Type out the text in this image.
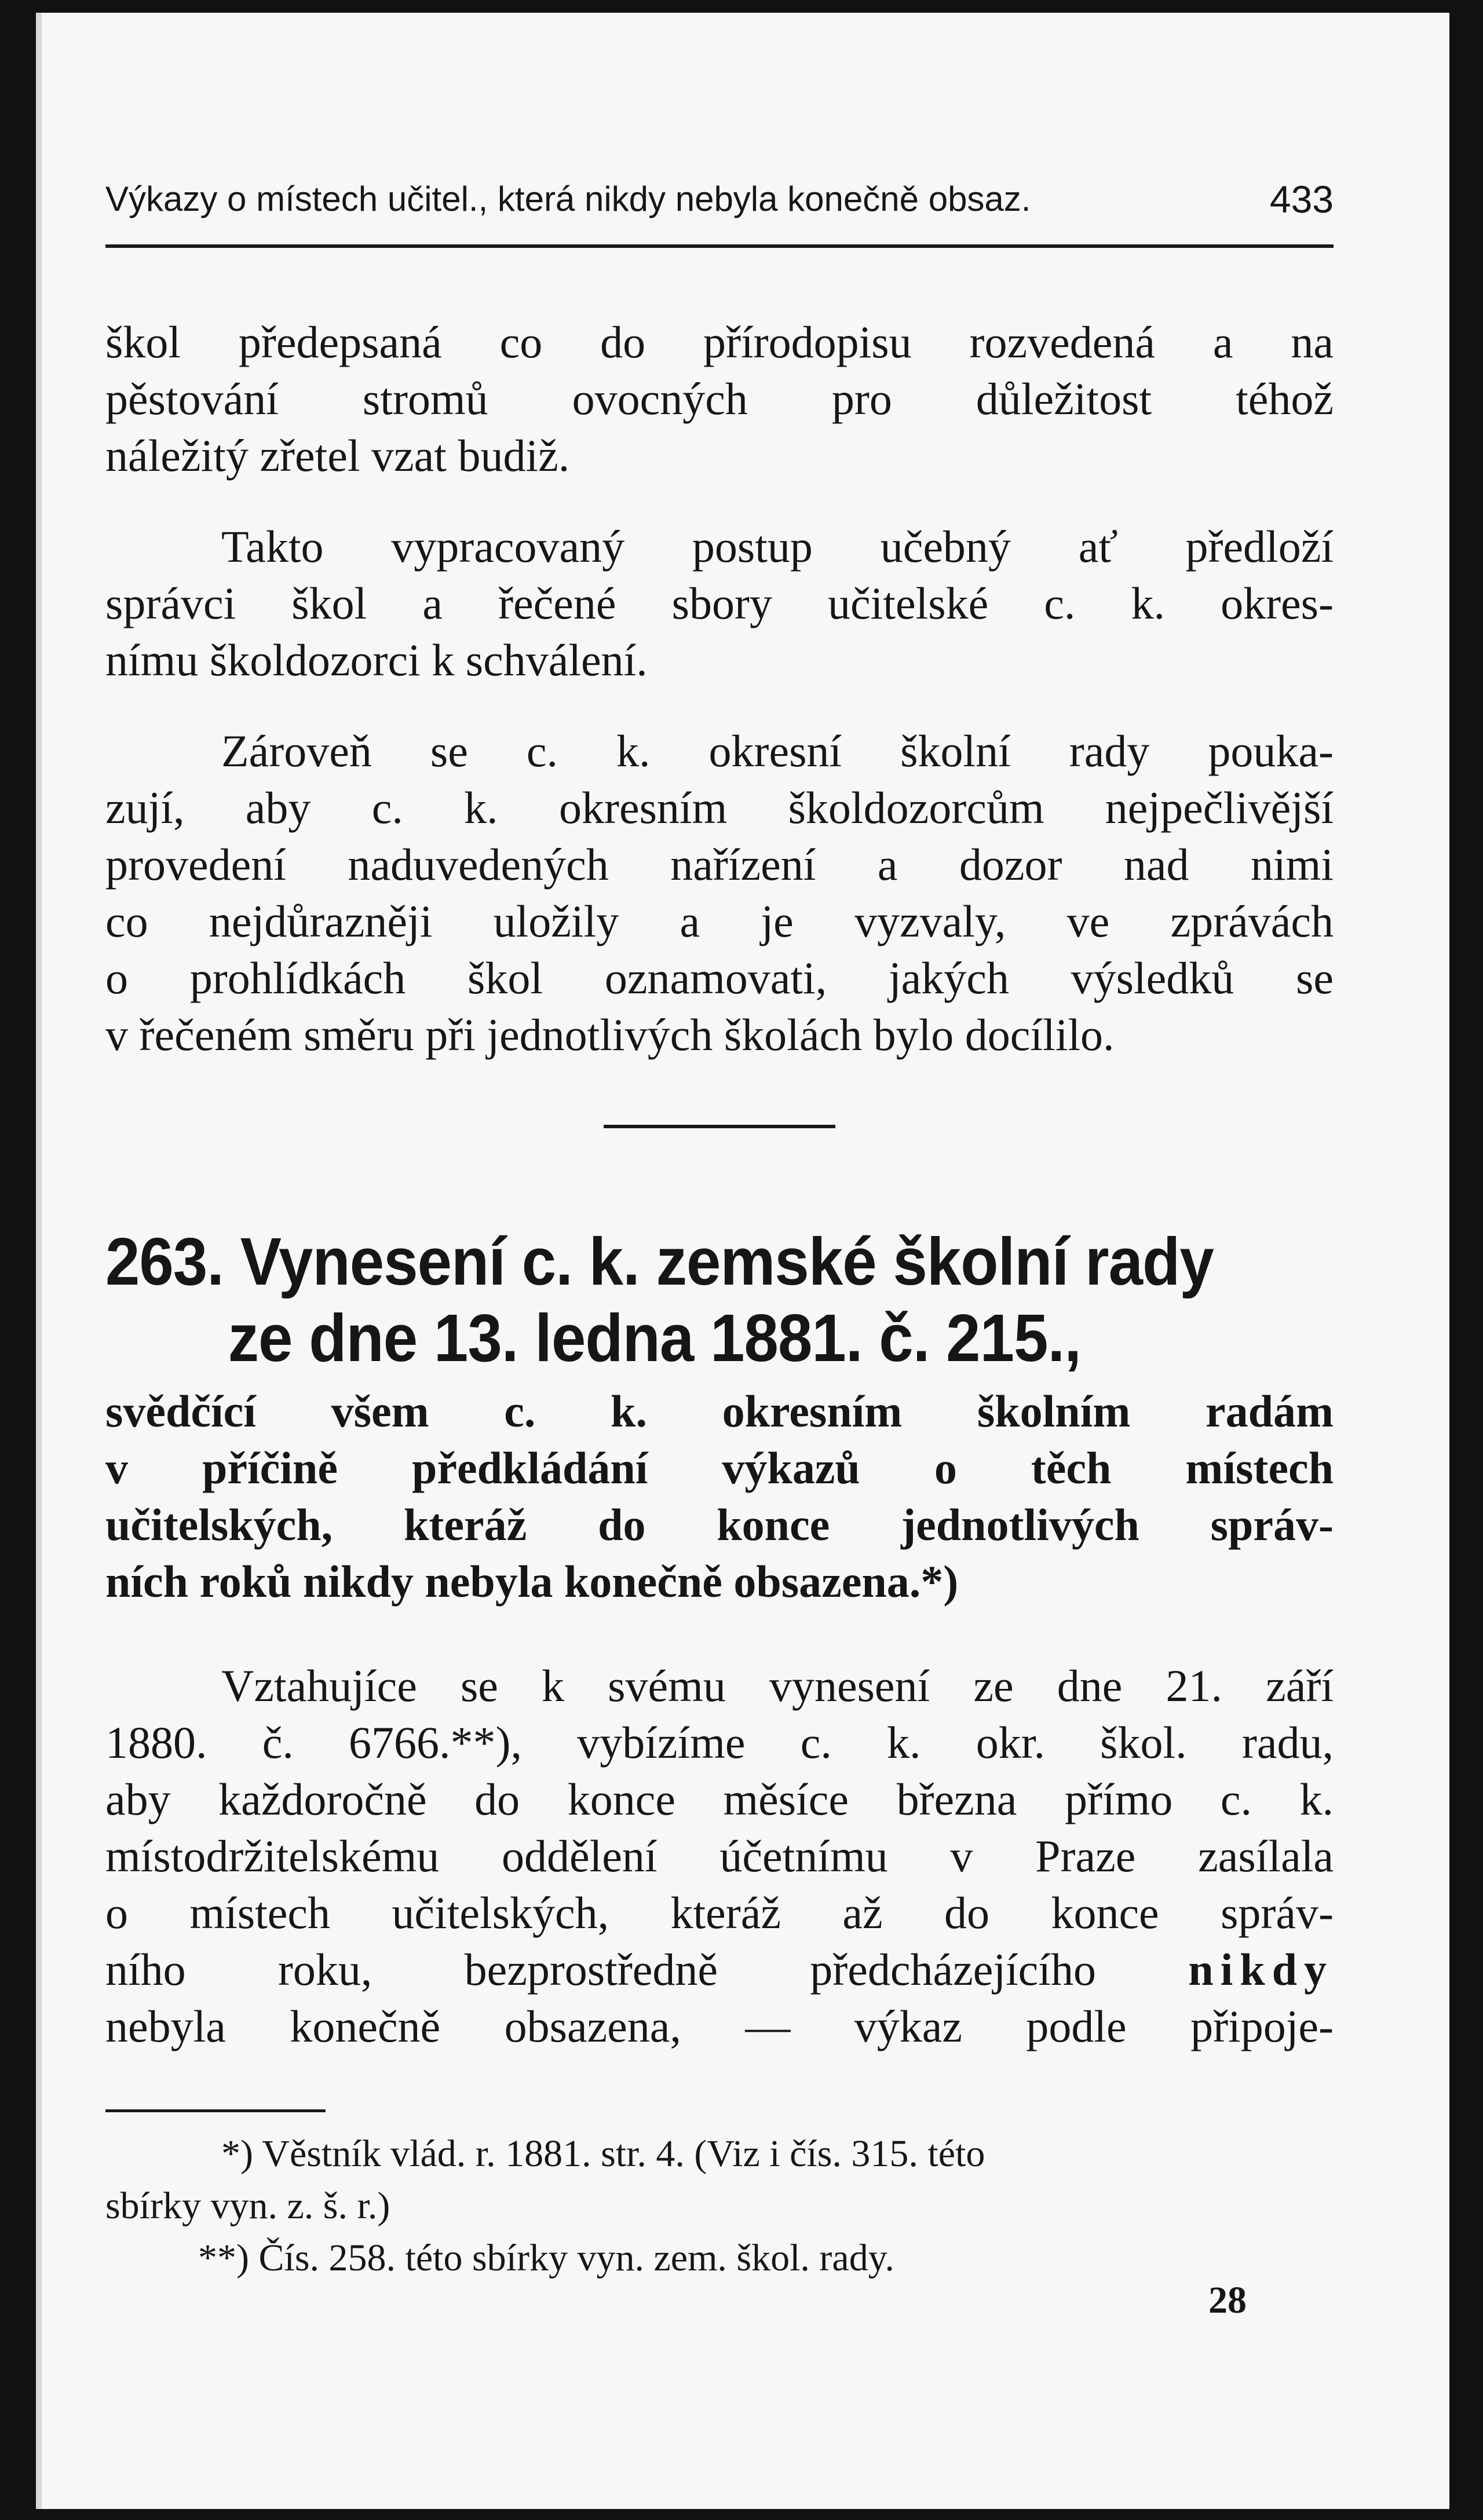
Výkazy o místech učitel., která nikdy nebyla konečně obsaz.	433
škol předepsaná co do přírodopisu rozvedená a na
pěstování stromů ovocných pro důležitost téhož
náležitý zřetel vzat budiž.
Takto vypracovaný postup učebný ať předloží
správci škol a řečené sbory učitelské c. k. okres-
nímu školdozorci k schválení.
Zároveň se c. k. okresní školní rady pouka-
zují, aby c. k. okresním školdozorcům nejpečlivější
provedení naduvedených nařízení a dozor nad nimi
co nejdůrazněji uložily a je vyzvaly, ve zprávách
o prohlídkách škol oznamovati, jakých výsledků se
v řečeném směru při jednotlivých školách bylo docílilo.
263. Vynesení c. k. zemské školní rady
ze dne 13. ledna 1881. č. 215.,
svědčící všem c. k. okresním školním radám
v příčině předkládání výkazů o těch místech
učitelských, kteráž do konce jednotlivých správ-
ních roků nikdy nebyla konečně obsazena.*)
Vztahujíce se k svému vynesení ze dne 21. září
1880. č. 6766.**), vybízíme c. k. okr. škol. radu,
aby každoročně do konce měsíce března přímo c. k.
místodržitelskému oddělení účetnímu v Praze zasílala
o místech učitelských, kteráž až do konce správ-
ního roku, bezprostředně předcházejícího nikdy
nebyla konečně obsazena, — výkaz podle připoje-
*) Věstník vlád. r. 1881. str. 4. (Viz i čís. 315. této
sbírky vyn. z. š. r.)
**) Čís. 258. této sbírky vyn. zem. škol. rady.
28
